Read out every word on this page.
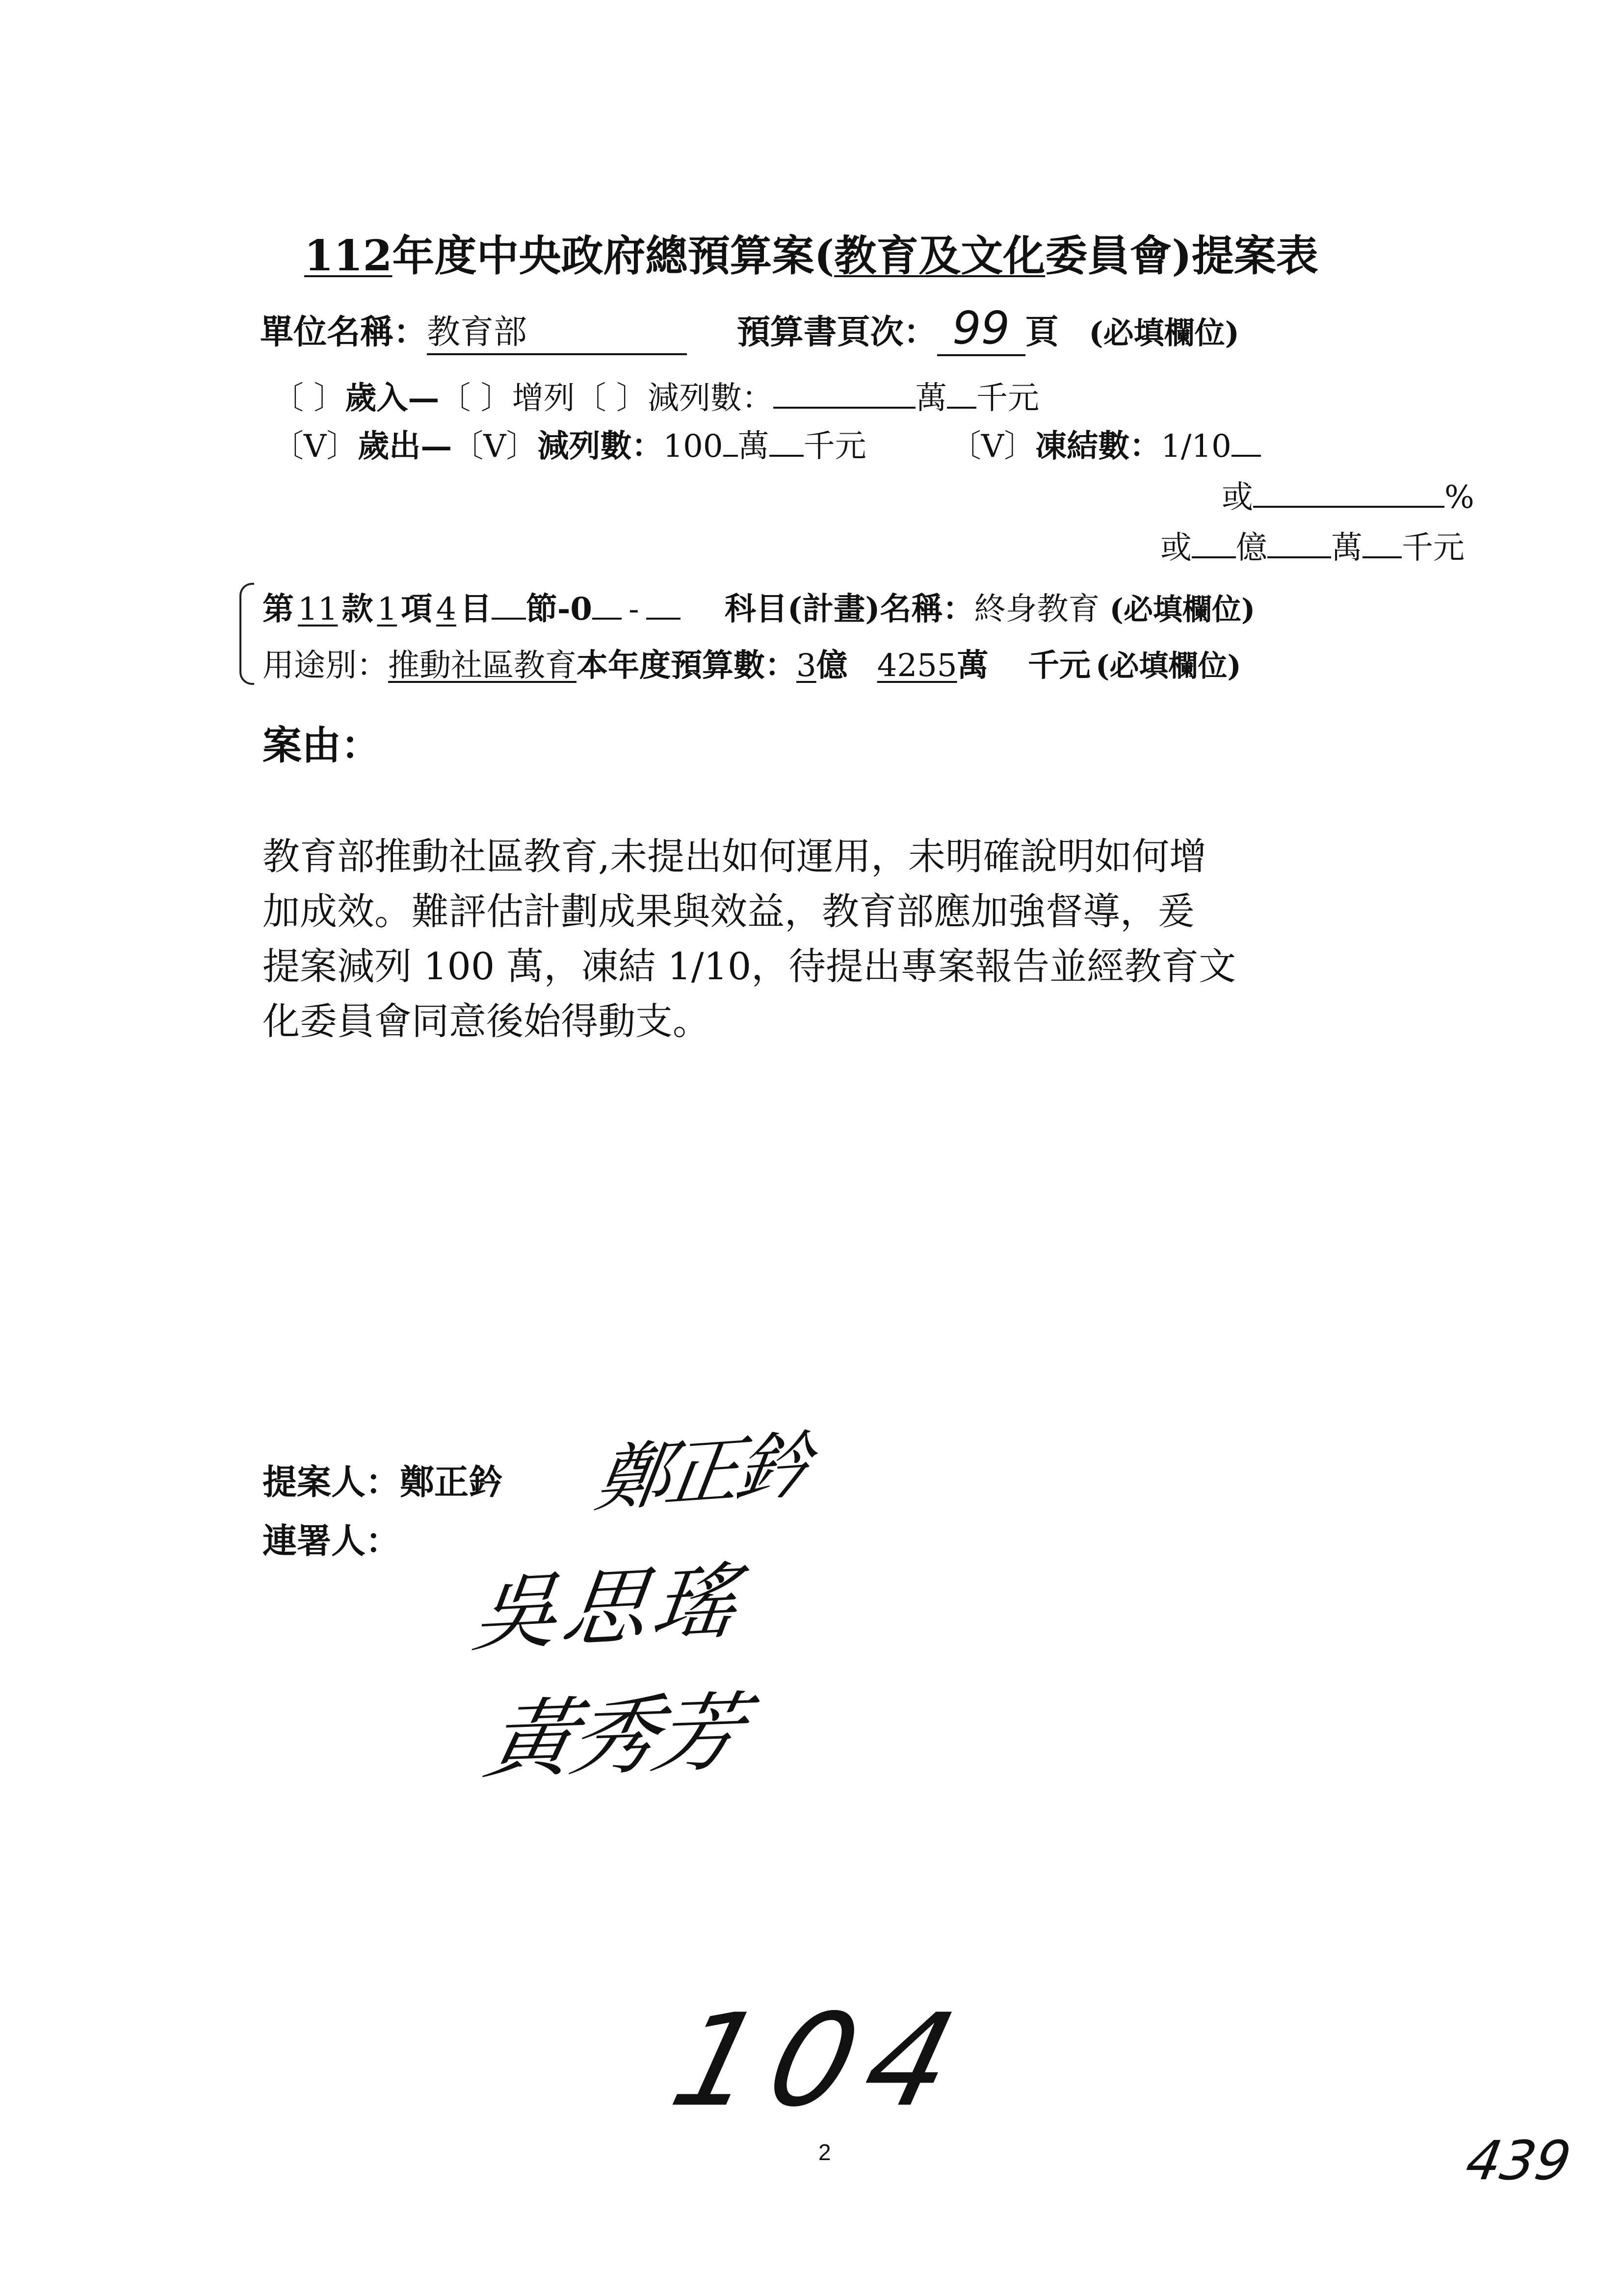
112年度中央政府總預算案(教育及文化委員會)提案表
單位名稱：教育部	預算書頁次： 99 頁 (必填欄位)
〔 〕歲入—〔 〕增列〔 〕減列數：	萬 千元
〔V〕歲出—〔V〕減列數：100 萬 千元	〔V〕凍結數：1/10
或	%
或 億 萬 千元
第 11 款 1 項 4 目 節-0 -	科目(計畫)名稱：終身教育 (必填欄位)
用途別：推動社區教育本年度預算數：3億 4255萬 千元 (必填欄位)
案由：
教育部推動社區教育,未提出如何運用，未明確說明如何增
加成效。難評估計劃成果與效益，教育部應加強督導，爰
提案減列 100 萬，凍結 1/10，待提出專案報告並經教育文
化委員會同意後始得動支。
提案人：鄭正鈐 鄭正鈐
連署人：
吳思瑤
黃秀芳
104
2	439
